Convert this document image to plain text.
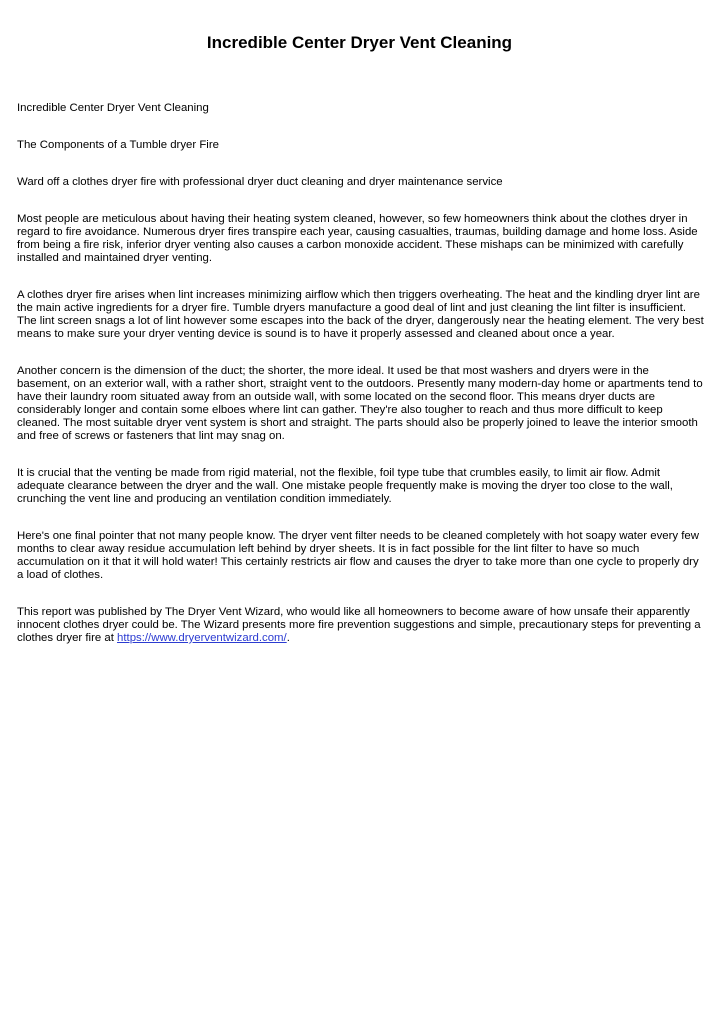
Incredible Center Dryer Vent Cleaning

Incredible Center Dryer Vent Cleaning

The Components of a Tumble dryer Fire

Ward off a clothes dryer fire with professional dryer duct cleaning and dryer maintenance service

Most people are meticulous about having their heating system cleaned, however, so few homeowners think about the clothes dryer in regard to fire avoidance. Numerous dryer fires transpire each year, causing casualties, traumas, building damage and home loss. Aside from being a fire risk, inferior dryer venting also causes a carbon monoxide accident. These mishaps can be minimized with carefully installed and maintained dryer venting.

A clothes dryer fire arises when lint increases minimizing airflow which then triggers overheating. The heat and the kindling dryer lint are the main active ingredients for a dryer fire. Tumble dryers manufacture a good deal of lint and just cleaning the lint filter is insufficient. The lint screen snags a lot of lint however some escapes into the back of the dryer, dangerously near the heating element. The very best means to make sure your dryer venting device is sound is to have it properly assessed and cleaned about once a year.

Another concern is the dimension of the duct; the shorter, the more ideal. It used be that most washers and dryers were in the basement, on an exterior wall, with a rather short, straight vent to the outdoors. Presently many modern-day home or apartments tend to have their laundry room situated away from an outside wall, with some located on the second floor. This means dryer ducts are considerably longer and contain some elboes where lint can gather. They're also tougher to reach and thus more difficult to keep cleaned. The most suitable dryer vent system is short and straight. The parts should also be properly joined to leave the interior smooth and free of screws or fasteners that lint may snag on.

It is crucial that the venting be made from rigid material, not the flexible, foil type tube that crumbles easily, to limit air flow. Admit adequate clearance between the dryer and the wall. One mistake people frequently make is moving the dryer too close to the wall, crunching the vent line and producing an ventilation condition immediately.

Here's one final pointer that not many people know. The dryer vent filter needs to be cleaned completely with hot soapy water every few months to clear away residue accumulation left behind by dryer sheets. It is in fact possible for the lint filter to have so much accumulation on it that it will hold water! This certainly restricts air flow and causes the dryer to take more than one cycle to properly dry a load of clothes.

This report was published by The Dryer Vent Wizard, who would like all homeowners to become aware of how unsafe their apparently innocent clothes dryer could be. The Wizard presents more fire prevention suggestions and simple, precautionary steps for preventing a clothes dryer fire at https://www.dryerventwizard.com/.
